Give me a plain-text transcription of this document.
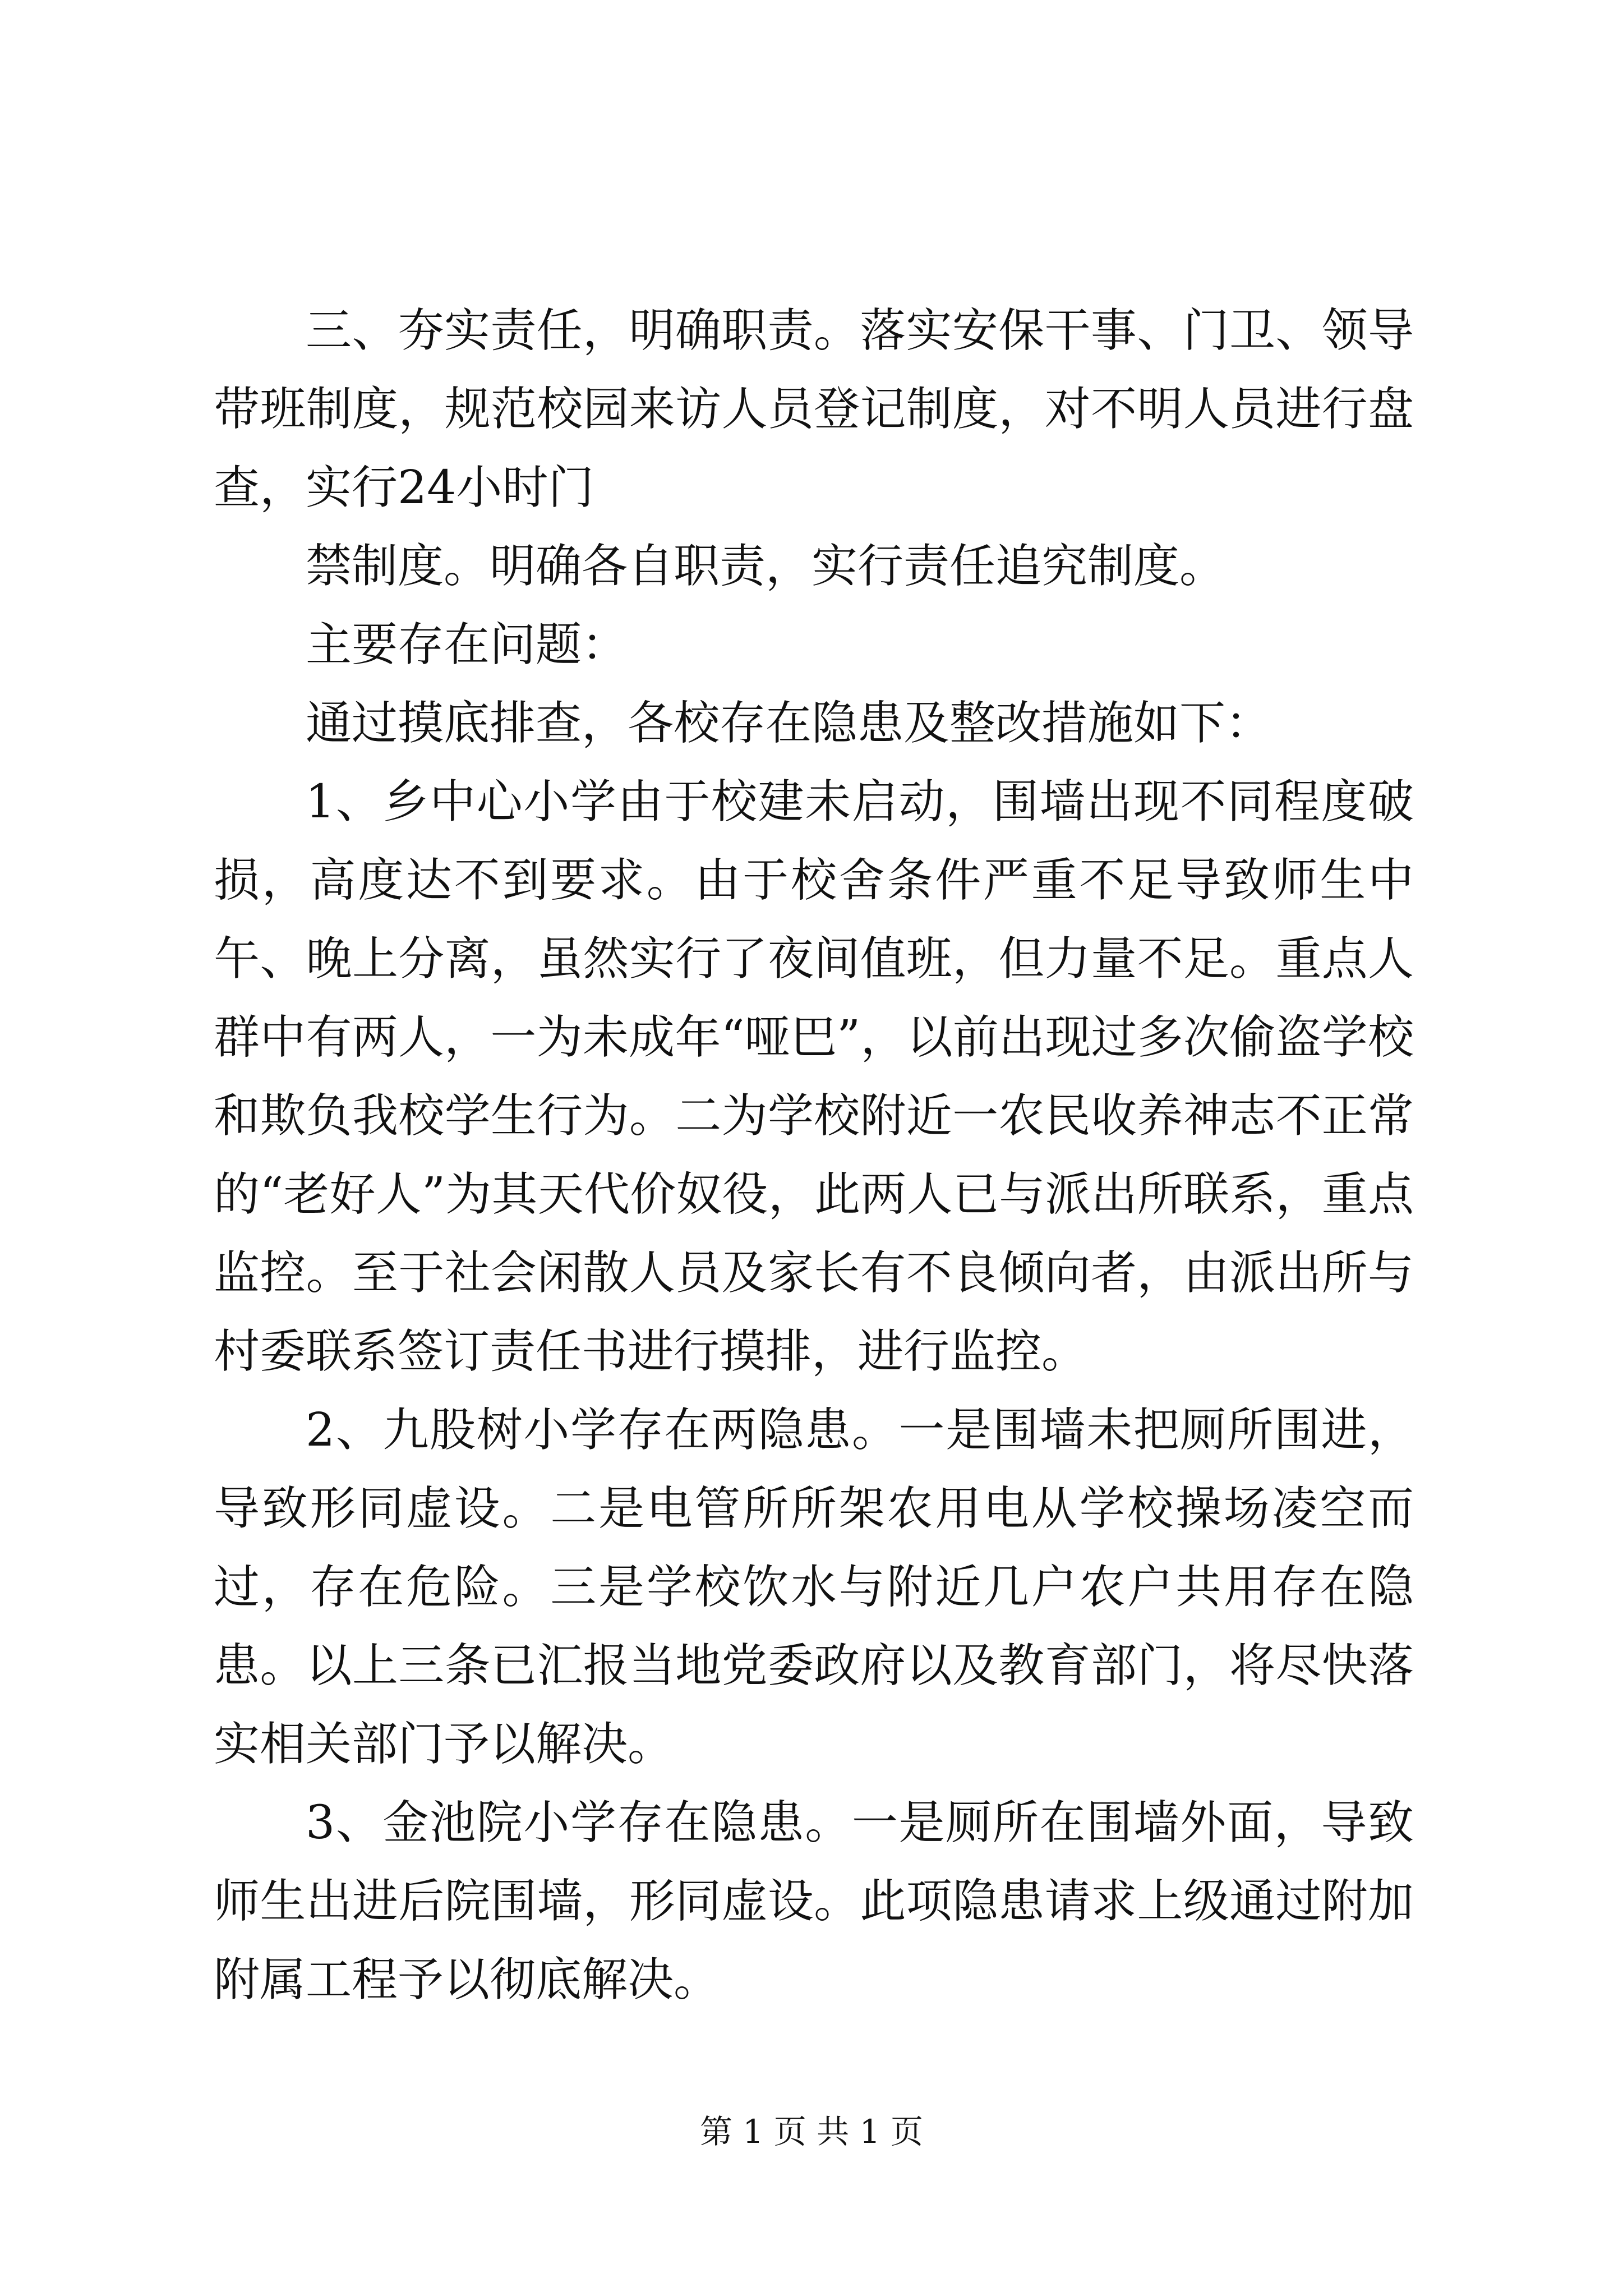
三、夯实责任，明确职责。落实安保干事、门卫、领导带班制度，规范校园来访人员登记制度，对不明人员进行盘查，实行24小时门

禁制度。明确各自职责，实行责任追究制度。

主要存在问题：

通过摸底排查，各校存在隐患及整改措施如下：

1、乡中心小学由于校建未启动，围墙出现不同程度破损，高度达不到要求。由于校舍条件严重不足导致师生中午、晚上分离，虽然实行了夜间值班，但力量不足。重点人群中有两人，一为未成年“哑巴”，以前出现过多次偷盗学校和欺负我校学生行为。二为学校附近一农民收养神志不正常的“老好人”为其天代价奴役，此两人已与派出所联系，重点监控。至于社会闲散人员及家长有不良倾向者，由派出所与村委联系签订责任书进行摸排，进行监控。

2、九股树小学存在两隐患。一是围墙未把厕所围进，导致形同虚设。二是电管所所架农用电从学校操场凌空而过，存在危险。三是学校饮水与附近几户农户共用存在隐患。以上三条已汇报当地党委政府以及教育部门，将尽快落实相关部门予以解决。

3、金池院小学存在隐患。一是厕所在围墙外面，导致师生出进后院围墙，形同虚设。此项隐患请求上级通过附加附属工程予以彻底解决。

第 1 页 共 1 页
